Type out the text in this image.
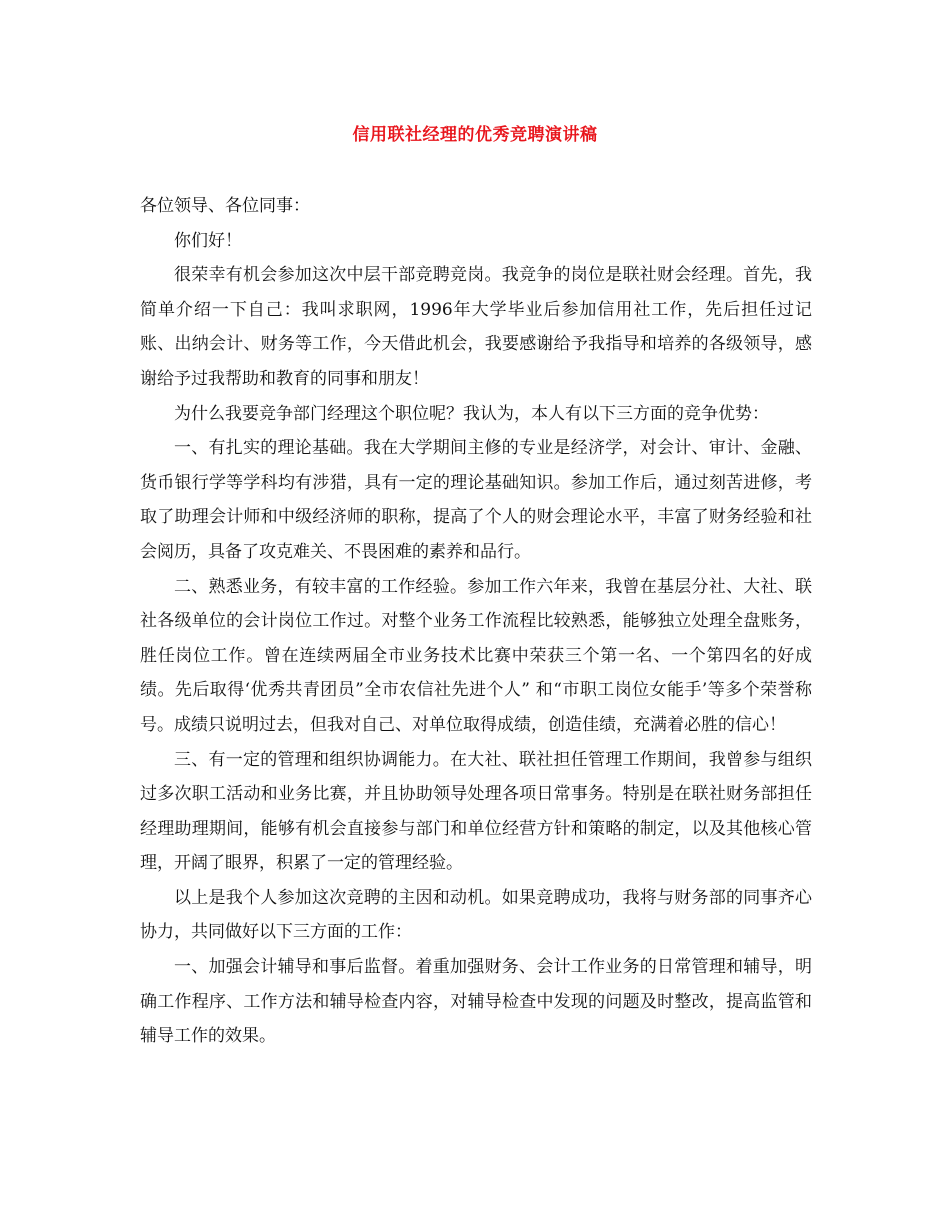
信用联社经理的优秀竞聘演讲稿

各位领导、各位同事：

你们好！

很荣幸有机会参加这次中层干部竞聘竞岗。我竞争的岗位是联社财会经理。首先，我简单介绍一下自己：我叫求职网，1996年大学毕业后参加信用社工作，先后担任过记账、出纳会计、财务等工作，今天借此机会，我要感谢给予我指导和培养的各级领导，感谢给予过我帮助和教育的同事和朋友！

为什么我要竞争部门经理这个职位呢？我认为，本人有以下三方面的竞争优势：

一、有扎实的理论基础。我在大学期间主修的专业是经济学，对会计、审计、金融、货币银行学等学科均有涉猎，具有一定的理论基础知识。参加工作后，通过刻苦进修，考取了助理会计师和中级经济师的职称，提高了个人的财会理论水平，丰富了财务经验和社会阅历，具备了攻克难关、不畏困难的素养和品行。

二、熟悉业务，有较丰富的工作经验。参加工作六年来，我曾在基层分社、大社、联社各级单位的会计岗位工作过。对整个业务工作流程比较熟悉，能够独立处理全盘账务，胜任岗位工作。曾在连续两届全市业务技术比赛中荣获三个第一名、一个第四名的好成绩。先后取得‘优秀共青团员”全市农信社先进个人” 和“市职工岗位女能手’等多个荣誉称号。成绩只说明过去，但我对自己、对单位取得成绩，创造佳绩，充满着必胜的信心！

三、有一定的管理和组织协调能力。在大社、联社担任管理工作期间，我曾参与组织过多次职工活动和业务比赛，并且协助领导处理各项日常事务。特别是在联社财务部担任经理助理期间，能够有机会直接参与部门和单位经营方针和策略的制定，以及其他核心管理，开阔了眼界，积累了一定的管理经验。

以上是我个人参加这次竞聘的主因和动机。如果竞聘成功，我将与财务部的同事齐心协力，共同做好以下三方面的工作：

一、加强会计辅导和事后监督。着重加强财务、会计工作业务的日常管理和辅导，明确工作程序、工作方法和辅导检查内容，对辅导检查中发现的问题及时整改，提高监管和辅导工作的效果。
